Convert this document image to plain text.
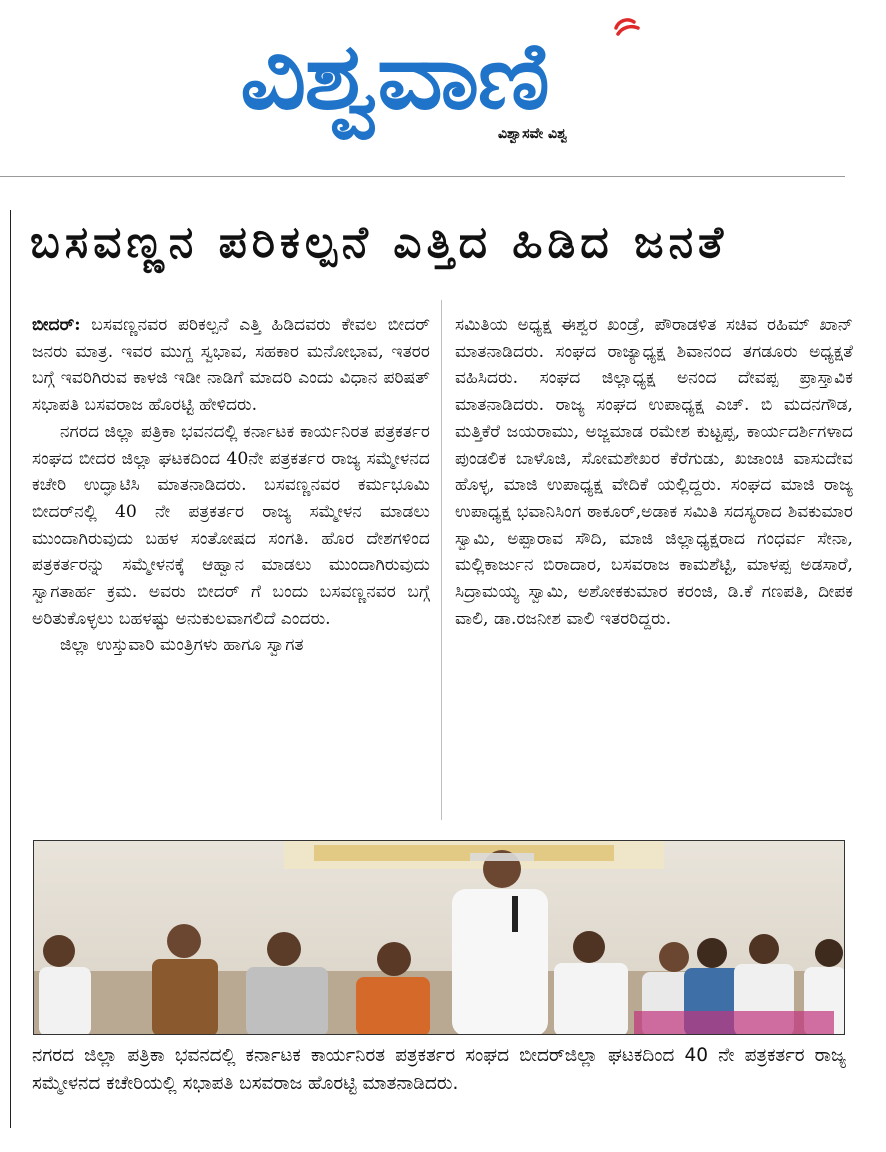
ವಿಶ್ವವಾಣಿ
ವಿಶ್ವಾಸವೇ ವಿಶ್ವ
ಬಸವಣ್ಣನ ಪರಿಕಲ್ಪನೆ ಎತ್ತಿದ ಹಿಡಿದ ಜನತೆ

ಬೀದರ್: ಬಸವಣ್ಣನವರ ಪರಿಕಲ್ಪನೆ ಎತ್ತಿ ಹಿಡಿದವರು ಕೇವಲ ಬೀದರ್ ಜನರು ಮಾತ್ರ. ಇವರ ಮುಗ್ದ ಸ್ವಭಾವ, ಸಹಕಾರ ಮನೋಭಾವ, ಇತರರ ಬಗ್ಗೆ ಇವರಿಗಿರುವ ಕಾಳಜಿ ಇಡೀ ನಾಡಿಗೆ ಮಾದರಿ ಎಂದು ವಿಧಾನ ಪರಿಷತ್ ಸಭಾಪತಿ ಬಸವರಾಜ ಹೊರಟ್ಟಿ ಹೇಳಿದರು.

ನಗರದ ಜಿಲ್ಲಾ ಪತ್ರಿಕಾ ಭವನದಲ್ಲಿ ಕರ್ನಾಟಕ ಕಾರ್ಯನಿರತ ಪತ್ರಕರ್ತರ ಸಂಘದ ಬೀದರ ಜಿಲ್ಲಾ ಘಟಕದಿಂದ 40ನೇ ಪತ್ರಕರ್ತರ ರಾಜ್ಯ ಸಮ್ಮೇಳನದ ಕಚೇರಿ ಉದ್ಘಾಟಿಸಿ ಮಾತನಾಡಿದರು. ಬಸವಣ್ಣನವರ ಕರ್ಮಭೂಮಿ ಬೀದರ್‌ನಲ್ಲಿ 40 ನೇ ಪತ್ರಕರ್ತರ ರಾಜ್ಯ ಸಮ್ಮೇಳನ ಮಾಡಲು ಮುಂದಾಗಿರುವುದು ಬಹಳ ಸಂತೋಷದ ಸಂಗತಿ. ಹೊರ ದೇಶಗಳಿಂದ ಪತ್ರಕರ್ತರನ್ನು ಸಮ್ಮೇಳನಕ್ಕೆ ಆಹ್ವಾನ ಮಾಡಲು ಮುಂದಾಗಿರುವುದು ಸ್ವಾಗತಾರ್ಹ ಕ್ರಮ. ಅವರು ಬೀದರ್ ಗೆ ಬಂದು ಬಸವಣ್ಣನವರ ಬಗ್ಗೆ ಅರಿತುಕೊಳ್ಳಲು ಬಹಳಷ್ಟು ಅನುಕುಲವಾಗಲಿದೆ ಎಂದರು.

ಜಿಲ್ಲಾ ಉಸ್ತುವಾರಿ ಮಂತ್ರಿಗಳು ಹಾಗೂ ಸ್ವಾಗತ

ಸಮಿತಿಯ ಅಧ್ಯಕ್ಷ ಈಶ್ವರ ಖಂಡ್ರೆ, ಪೌರಾಡಳಿತ ಸಚಿವ ರಹಿಮ್ ಖಾನ್ ಮಾತನಾಡಿದರು. ಸಂಘದ ರಾಜ್ಯಾಧ್ಯಕ್ಷ ಶಿವಾನಂದ ತಗಡೂರು ಅಧ್ಯಕ್ಷತೆ ವಹಿಸಿದರು. ಸಂಘದ ಜಿಲ್ಲಾಧ್ಯಕ್ಷ ಅನಂದ ದೇವಪ್ಪ ಪ್ರಾಸ್ತಾವಿಕ ಮಾತನಾಡಿದರು. ರಾಜ್ಯ ಸಂಘದ ಉಪಾಧ್ಯಕ್ಷ ಎಚ್. ಬಿ ಮದನಗೌಡ, ಮತ್ತಿಕೆರೆ ಜಯರಾಮು, ಅಜ್ಜಮಾಡ ರಮೇಶ ಕುಟ್ಟಪ್ಪ, ಕಾರ್ಯದರ್ಶಿಗಳಾದ ಪುಂಡಲಿಕ ಬಾಳೊಜಿ, ಸೋಮಶೇಖರ ಕೆರೆಗುಡು, ಖಜಾಂಚಿ ವಾಸುದೇವ ಹೊಳ್ಳ, ಮಾಜಿ ಉಪಾಧ್ಯಕ್ಷ ವೇದಿಕೆ ಯಲ್ಲಿದ್ದರು. ಸಂಘದ ಮಾಜಿ ರಾಜ್ಯ ಉಪಾಧ್ಯಕ್ಷ ಭವಾನಿಸಿಂಗ ಠಾಕೂರ್,ಅಡಾಕ ಸಮಿತಿ ಸದಸ್ಯರಾದ ಶಿವಕುಮಾರ ಸ್ವಾಮಿ, ಅಪ್ಪಾರಾವ ಸೌದಿ, ಮಾಜಿ ಜಿಲ್ಲಾಧ್ಯಕ್ಷರಾದ ಗಂಧರ್ವ ಸೇನಾ, ಮಲ್ಲಿಕಾರ್ಜುನ ಬಿರಾದಾರ, ಬಸವರಾಜ ಕಾಮಶೆಟ್ಟಿ, ಮಾಳಪ್ಪ ಅಡಸಾರೆ, ಸಿದ್ರಾಮಯ್ಯ ಸ್ವಾಮಿ, ಅಶೋಕಕುಮಾರ ಕರಂಜಿ, ಡಿ.ಕೆ ಗಣಪತಿ, ದೀಪಕ ವಾಲಿ, ಡಾ.ರಜನೀಶ ವಾಲಿ ಇತರರಿದ್ದರು.

ನಗರದ ಜಿಲ್ಲಾ ಪತ್ರಿಕಾ ಭವನದಲ್ಲಿ ಕರ್ನಾಟಕ ಕಾರ್ಯನಿರತ ಪತ್ರಕರ್ತರ ಸಂಘದ ಬೀದರ್‌ಜಿಲ್ಲಾ ಘಟಕದಿಂದ 40 ನೇ ಪತ್ರಕರ್ತರ ರಾಜ್ಯ ಸಮ್ಮೇಳನದ ಕಚೇರಿಯಲ್ಲಿ ಸಭಾಪತಿ ಬಸವರಾಜ ಹೊರಟ್ಟಿ ಮಾತನಾಡಿದರು.
